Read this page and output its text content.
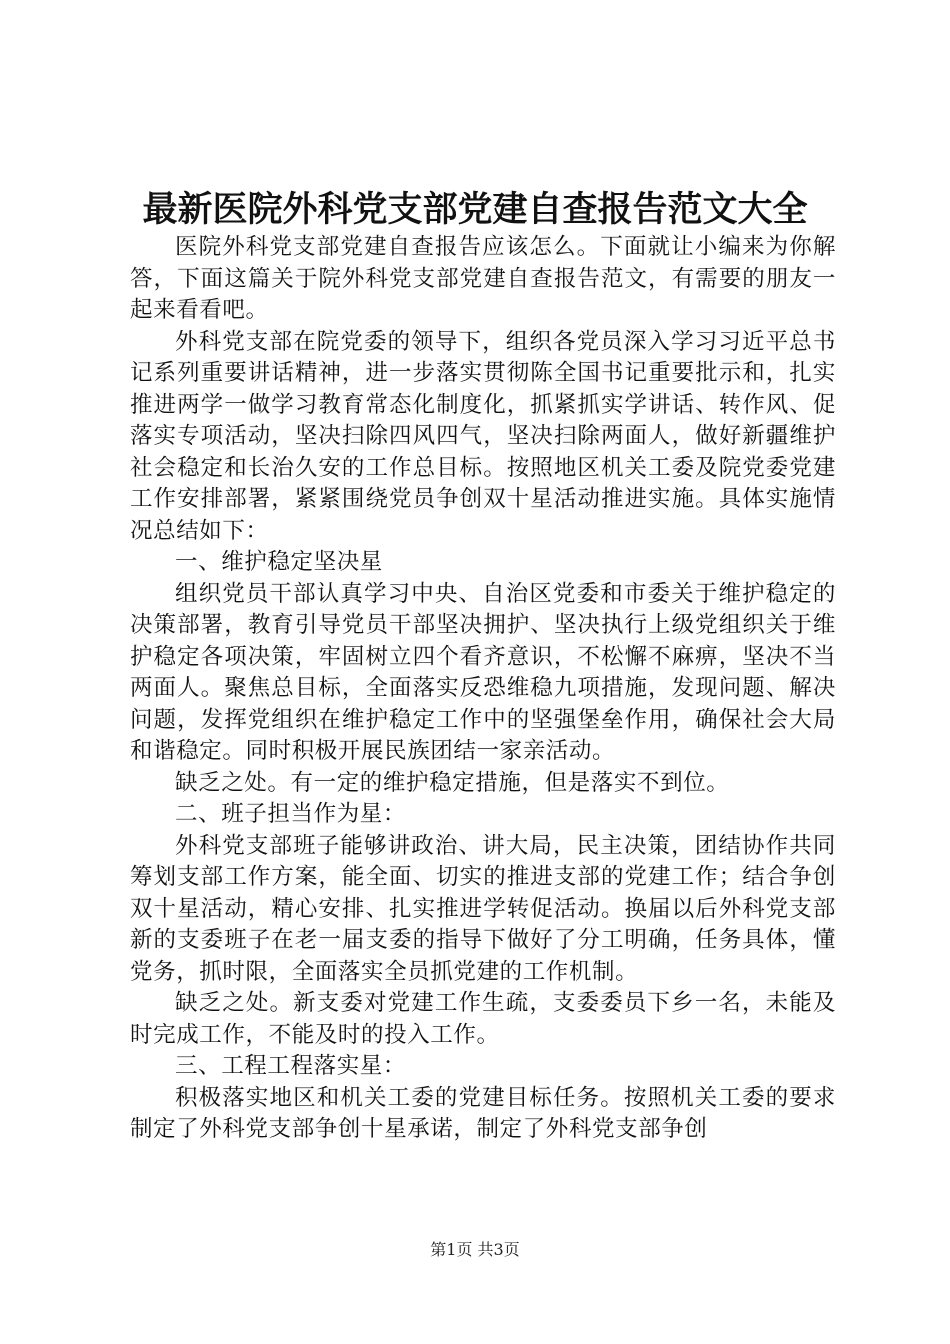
最新医院外科党支部党建自查报告范文大全

医院外科党支部党建自查报告应该怎么。下面就让小编来为你解答，下面这篇关于院外科党支部党建自查报告范文，有需要的朋友一起来看看吧。

外科党支部在院党委的领导下，组织各党员深入学习习近平总书记系列重要讲话精神，进一步落实贯彻陈全国书记重要批示和，扎实推进两学一做学习教育常态化制度化，抓紧抓实学讲话、转作风、促落实专项活动，坚决扫除四风四气，坚决扫除两面人，做好新疆维护社会稳定和长治久安的工作总目标。按照地区机关工委及院党委党建工作安排部署，紧紧围绕党员争创双十星活动推进实施。具体实施情况总结如下：

一、维护稳定坚决星

组织党员干部认真学习中央、自治区党委和市委关于维护稳定的决策部署，教育引导党员干部坚决拥护、坚决执行上级党组织关于维护稳定各项决策，牢固树立四个看齐意识，不松懈不麻痹，坚决不当两面人。聚焦总目标，全面落实反恐维稳九项措施，发现问题、解决问题，发挥党组织在维护稳定工作中的坚强堡垒作用，确保社会大局和谐稳定。同时积极开展民族团结一家亲活动。

缺乏之处。有一定的维护稳定措施，但是落实不到位。

二、班子担当作为星：

外科党支部班子能够讲政治、讲大局，民主决策，团结协作共同筹划支部工作方案，能全面、切实的推进支部的党建工作；结合争创双十星活动，精心安排、扎实推进学转促活动。换届以后外科党支部新的支委班子在老一届支委的指导下做好了分工明确，任务具体，懂党务，抓时限，全面落实全员抓党建的工作机制。

缺乏之处。新支委对党建工作生疏，支委委员下乡一名，未能及时完成工作，不能及时的投入工作。

三、工程工程落实星：

积极落实地区和机关工委的党建目标任务。按照机关工委的要求制定了外科党支部争创十星承诺，制定了外科党支部争创

第1页 共3页
